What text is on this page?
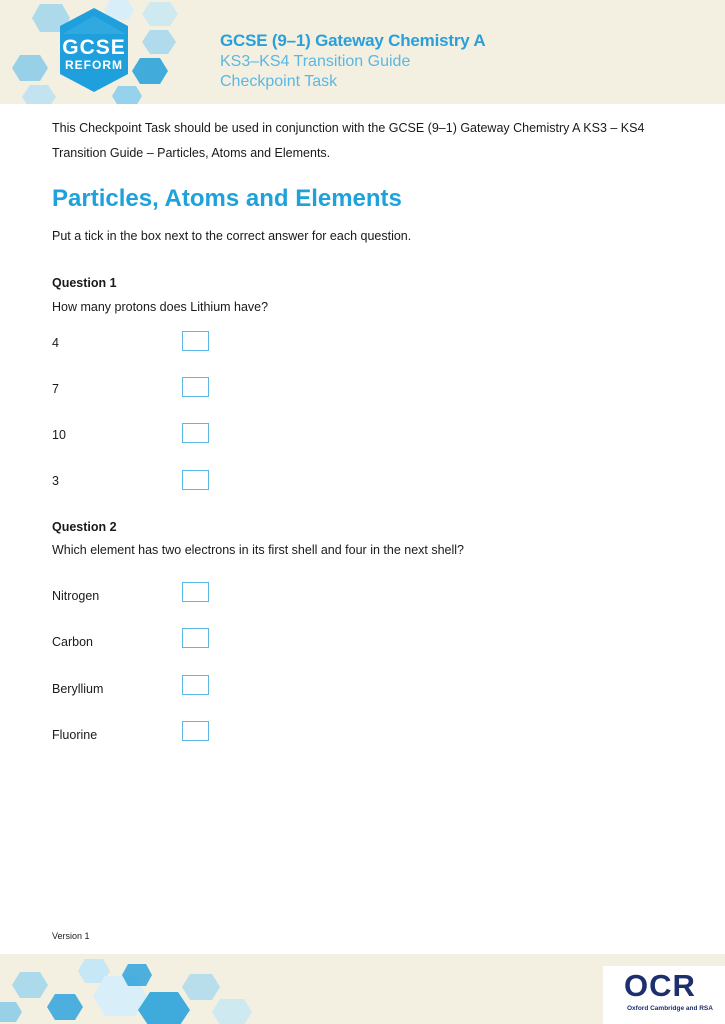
GCSE
REFORM
GCSE (9–1) Gateway Chemistry A
KS3–KS4 Transition Guide
Checkpoint Task
This Checkpoint Task should be used in conjunction with the GCSE (9–1) Gateway Chemistry A KS3 – KS4 Transition Guide – Particles, Atoms and Elements.
Particles, Atoms and Elements
Put a tick in the box next to the correct answer for each question.
Question 1
How many protons does Lithium have?
4
7
10
3
Question 2
Which element has two electrons in its first shell and four in the next shell?
Nitrogen
Carbon
Beryllium
Fluorine
Version 1
OCR
Oxford Cambridge and RSA
